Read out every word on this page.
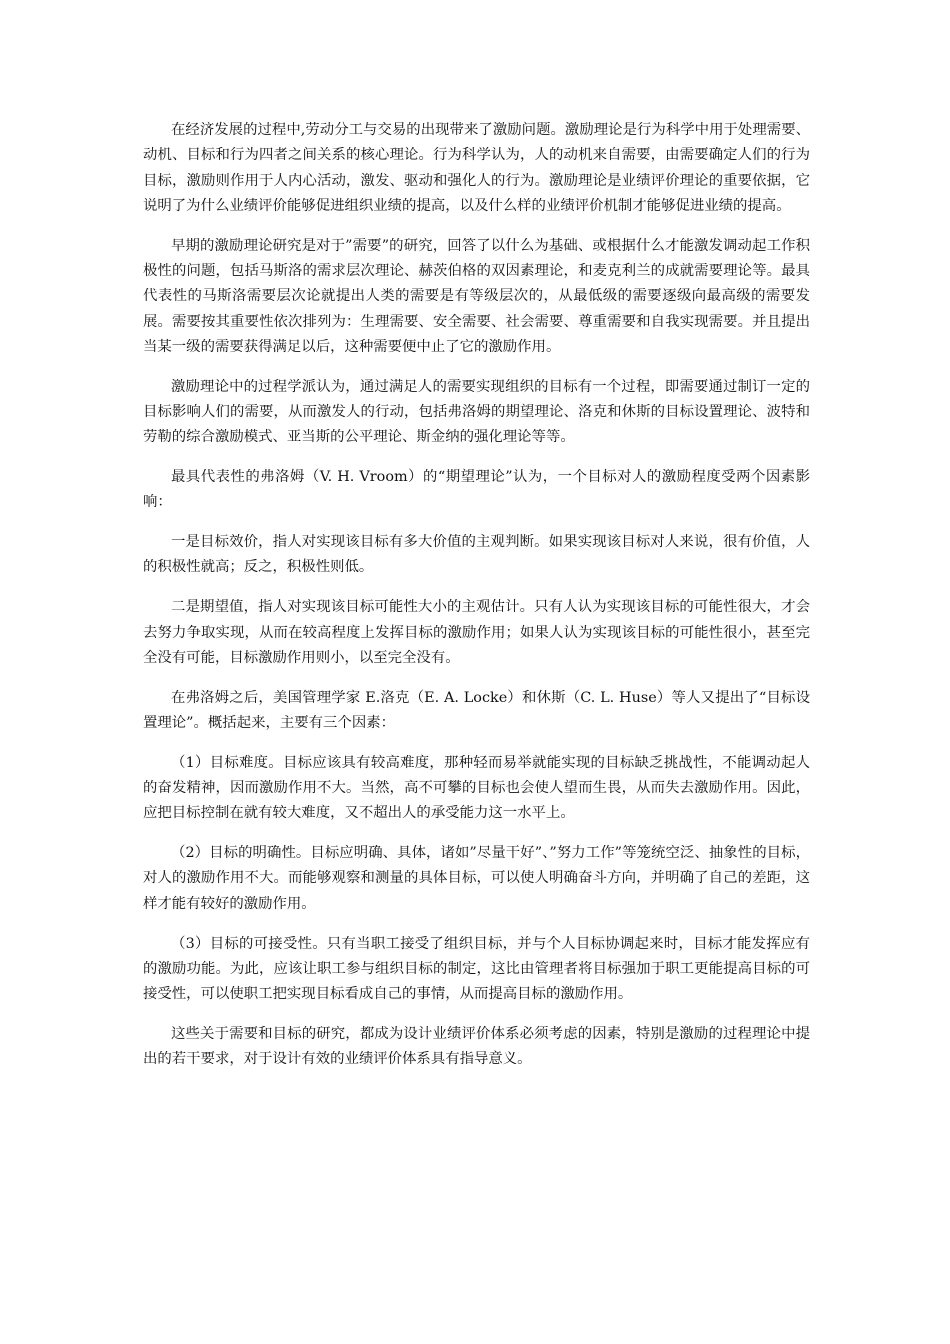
在经济发展的过程中,劳动分工与交易的出现带来了激励问题。激励理论是行为科学中用于处理需要、动机、目标和行为四者之间关系的核心理论。行为科学认为，人的动机来自需要，由需要确定人们的行为目标，激励则作用于人内心活动，激发、驱动和强化人的行为。激励理论是业绩评价理论的重要依据，它说明了为什么业绩评价能够促进组织业绩的提高，以及什么样的业绩评价机制才能够促进业绩的提高。

早期的激励理论研究是对于”需要”的研究，回答了以什么为基础、或根据什么才能激发调动起工作积极性的问题，包括马斯洛的需求层次理论、赫茨伯格的双因素理论，和麦克利兰的成就需要理论等。最具代表性的马斯洛需要层次论就提出人类的需要是有等级层次的，从最低级的需要逐级向最高级的需要发展。需要按其重要性依次排列为：生理需要、安全需要、社会需要、尊重需要和自我实现需要。并且提出当某一级的需要获得满足以后，这种需要便中止了它的激励作用。

激励理论中的过程学派认为，通过满足人的需要实现组织的目标有一个过程，即需要通过制订一定的目标影响人们的需要，从而激发人的行动，包括弗洛姆的期望理论、洛克和休斯的目标设置理论、波特和劳勒的综合激励模式、亚当斯的公平理论、斯金纳的强化理论等等。

最具代表性的弗洛姆（V. H. Vroom）的“期望理论”认为，一个目标对人的激励程度受两个因素影响：

一是目标效价，指人对实现该目标有多大价值的主观判断。如果实现该目标对人来说，很有价值，人的积极性就高；反之，积极性则低。

二是期望值，指人对实现该目标可能性大小的主观估计。只有人认为实现该目标的可能性很大，才会去努力争取实现，从而在较高程度上发挥目标的激励作用；如果人认为实现该目标的可能性很小，甚至完全没有可能，目标激励作用则小，以至完全没有。

在弗洛姆之后，美国管理学家 E.洛克（E. A. Locke）和休斯（C. L. Huse）等人又提出了“目标设置理论”。概括起来，主要有三个因素：

（1）目标难度。目标应该具有较高难度，那种轻而易举就能实现的目标缺乏挑战性，不能调动起人的奋发精神，因而激励作用不大。当然，高不可攀的目标也会使人望而生畏，从而失去激励作用。因此，应把目标控制在就有较大难度，又不超出人的承受能力这一水平上。

（2）目标的明确性。目标应明确、具体，诸如”尽量干好”、”努力工作”等笼统空泛、抽象性的目标，对人的激励作用不大。而能够观察和测量的具体目标，可以使人明确奋斗方向，并明确了自己的差距，这样才能有较好的激励作用。

（3）目标的可接受性。只有当职工接受了组织目标，并与个人目标协调起来时，目标才能发挥应有的激励功能。为此，应该让职工参与组织目标的制定，这比由管理者将目标强加于职工更能提高目标的可接受性，可以使职工把实现目标看成自己的事情，从而提高目标的激励作用。

这些关于需要和目标的研究，都成为设计业绩评价体系必须考虑的因素，特别是激励的过程理论中提出的若干要求，对于设计有效的业绩评价体系具有指导意义。
